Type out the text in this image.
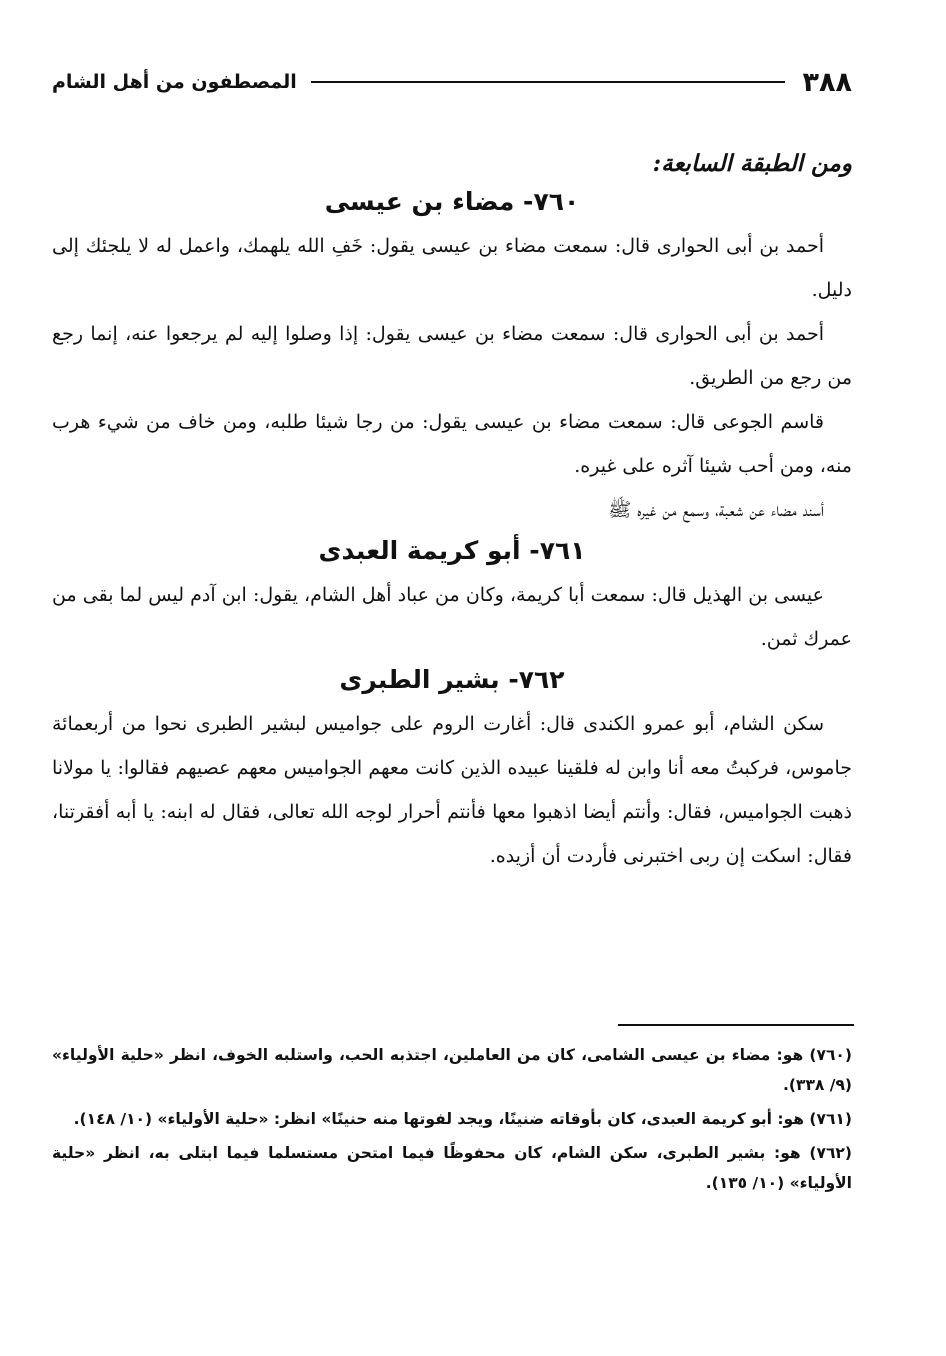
٣٨٨
المصطفون من أهل الشام

ومن الطبقة السابعة:

٧٦٠- مضاء بن عيسى

أحمد بن أبى الحوارى قال: سمعت مضاء بن عيسى يقول: خَفِ الله يلهمك، واعمل له لا يلجئك إلى دليل.

أحمد بن أبى الحوارى قال: سمعت مضاء بن عيسى يقول: إذا وصلوا إليه لم يرجعوا عنه، إنما رجع من رجع من الطريق.

قاسم الجوعى قال: سمعت مضاء بن عيسى يقول: من رجا شيئا طلبه، ومن خاف من شيء هرب منه، ومن أحب شيئا آثره على غيره.

أسند مضاء عن شعبة، وسمع من غيره ﷺ

٧٦١- أبو كريمة العبدى

عيسى بن الهذيل قال: سمعت أبا كريمة، وكان من عباد أهل الشام، يقول: ابن آدم ليس لما بقى من عمرك ثمن.

٧٦٢- بشير الطبرى

سكن الشام، أبو عمرو الكندى قال: أغارت الروم على جواميس لبشير الطبرى نحوا من أربعمائة جاموس، فركبتُ معه أنا وابن له فلقينا عبيده الذين كانت معهم الجواميس معهم عصيهم فقالوا: يا مولانا ذهبت الجواميس، فقال: وأنتم أيضا اذهبوا معها فأنتم أحرار لوجه الله تعالى، فقال له ابنه: يا أبه أفقرتنا، فقال: اسكت إن ربى اختبرنى فأردت أن أزيده.

(٧٦٠) هو: مضاء بن عيسى الشامى، كان من العاملين، اجتذبه الحب، واستلبه الخوف، انظر «حلية الأولياء» (٩/ ٣٣٨).

(٧٦١) هو: أبو كريمة العبدى، كان بأوقاته ضنينًا، ويجد لفوتها منه حنينًا» انظر: «حلية الأولياء» (١٠/ ١٤٨).

(٧٦٢) هو: بشير الطبرى، سكن الشام، كان محفوظًا فيما امتحن مستسلما فيما ابتلى به، انظر «حلية الأولياء» (١٠/ ١٣٥).
